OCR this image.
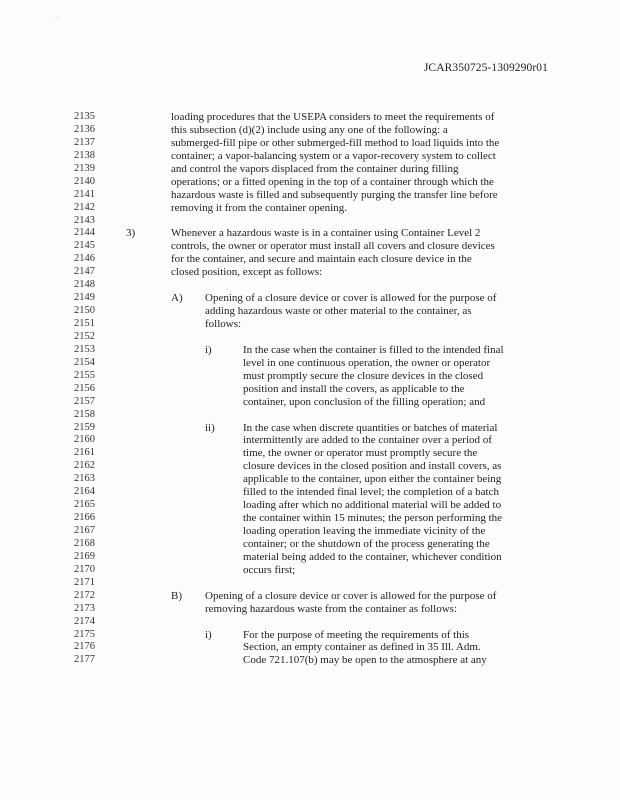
·    '
JCAR350725-1309290r01
2135	loading procedures that the USEPA considers to meet the requirements of
2136	this subsection (d)(2) include using any one of the following: a
2137	submerged-fill pipe or other submerged-fill method to load liquids into the
2138	container; a vapor-balancing system or a vapor-recovery system to collect
2139	and control the vapors displaced from the container during filling
2140	operations; or a fitted opening in the top of a container through which the
2141	hazardous waste is filled and subsequently purging the transfer line before
2142	removing it from the container opening.
2143
2144	3)	Whenever a hazardous waste is in a container using Container Level 2
2145	controls, the owner or operator must install all covers and closure devices
2146	for the container, and secure and maintain each closure device in the
2147	closed position, except as follows:
2148
2149	A) Opening of a closure device or cover is allowed for the purpose of
2150	adding hazardous waste or other material to the container, as
2151	follows:
2152
2153	i)	In the case when the container is filled to the intended final
2154	level in one continuous operation, the owner or operator
2155	must promptly secure the closure devices in the closed
2156	position and install the covers, as applicable to the
2157	container, upon conclusion of the filling operation; and
2158
2159	ii)	In the case when discrete quantities or batches of material
2160	intermittently are added to the container over a period of
2161	time, the owner or operator must promptly secure the
2162	closure devices in the closed position and install covers, as
2163	applicable to the container, upon either the container being
2164	filled to the intended final level; the completion of a batch
2165	loading after which no additional material will be added to
2166	the container within 15 minutes; the person performing the
2167	loading operation leaving the immediate vicinity of the
2168	container; or the shutdown of the process generating the
2169	material being added to the container, whichever condition
2170	occurs first;
2171
2172	B) Opening of a closure device or cover is allowed for the purpose of
2173	removing hazardous waste from the container as follows:
2174
2175	i)	For the purpose of meeting the requirements of this
2176	Section, an empty container as defined in 35 Ill. Adm.
2177	Code 721.107(b) may be open to the atmosphere at any
